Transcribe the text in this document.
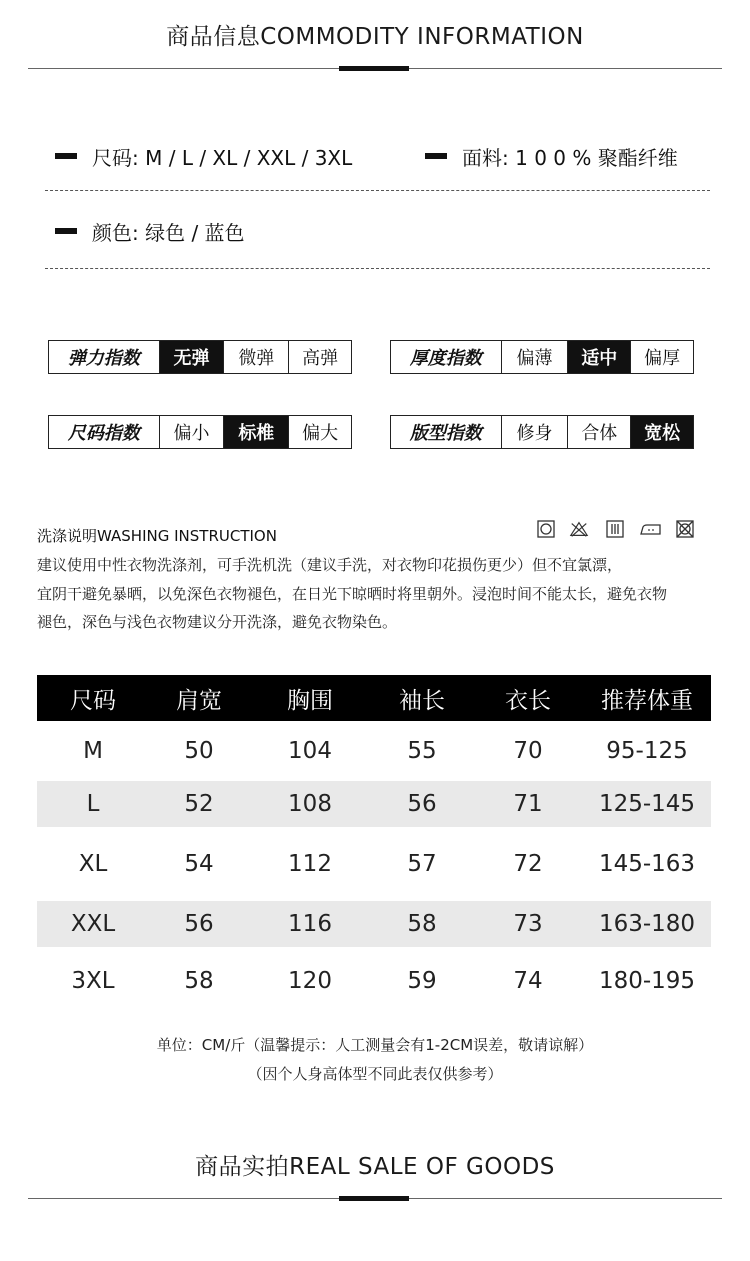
商品信息COMMODITY INFORMATION
尺码: M / L / XL / XXL / 3XL	面料: 1 0 0 % 聚酯纤维
颜色: 绿色 / 蓝色
弹力指数	无弹	微弹	高弹	厚度指数	偏薄	适中	偏厚
尺码指数	偏小	标椎	偏大	版型指数	修身	合体	宽松
洗涤说明WASHING INSTRUCTION
建议使用中性衣物洗涤剂，可手洗机洗（建议手洗，对衣物印花损伤更少）但不宜氯漂，
宜阴干避免暴晒，以免深色衣物褪色，在日光下晾晒时将里朝外。浸泡时间不能太长，避免衣物
褪色，深色与浅色衣物建议分开洗涤，避免衣物染色。
尺码	肩宽	胸围	袖长	衣长	推荐体重
M	50	104	55	70	95-125
L	52	108	56	71	125-145
XL	54	112	57	72	145-163
XXL	56	116	58	73	163-180
3XL	58	120	59	74	180-195
单位：CM/斤（温馨提示：人工测量会有1-2CM误差，敬请谅解）
（因个人身高体型不同此表仅供参考）
商品实拍REAL SALE OF GOODS
